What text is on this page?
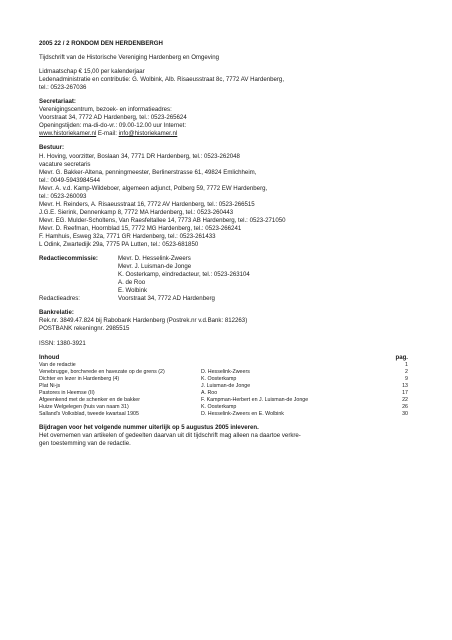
2005 22 / 2 RONDOM DEN HERDENBERGH
Tijdschrift van de Historische Vereniging Hardenberg en Omgeving
Lidmaatschap € 15,00 per kalenderjaar
Ledenadministratie en contributie: G. Wolbink, Alb. Risaeusstraat 8c, 7772 AV Hardenberg,
tel.: 0523-267036
Secretariaat:
Verenigingscentrum, bezoek- en informatieadres:
Voorstraat 34, 7772 AD Hardenberg, tel.: 0523-265624
Openingstijden: ma-di-do-vr.: 09.00-12.00 uur Internet:
www.historiekamer.nl E-mail: info@historiekamer.nl
Bestuur:
H. Hoving, voorzitter, Boslaan 34, 7771 DR Hardenberg, tel.: 0523-262048
vacature secretaris
Mevr. G. Bakker-Altena, penningmeester, Berlinerstrasse 61, 49824 Emlichheim,
tel.: 0049-5943984544
Mevr. A. v.d. Kamp-Wildeboer, algemeen adjunct, Polberg 59, 7772 EW Hardenberg,
tel.: 0523-260093
Mevr. H. Reinders, A. Risaeusstraat 16, 7772 AV Hardenberg, tel.: 0523-266515
J.G.E. Sierink, Dennenkamp 8, 7772 MA Hardenberg, tel.: 0523-260443
Mevr. EG. Mulder-Scholtens, Van Raesfeltallee 14, 7773 AB Hardenberg, tel.: 0523-271050
Mevr. D. Reefman, Hoornblad 15, 7772 MG Hardenberg, tel.: 0523-266241
F. Hamhuis, Esweg 32a, 7771 GR Hardenberg, tel.: 0523-261433
L Odink, Zwartedijk 29a, 7775 PA Lutten, tel.: 0523-681850
Redactiecommissie:	Mevr. D. Hesselink-Zweers
Mevr. J. Luisman-de Jonge
K. Oosterkamp, eindredacteur, tel.: 0523-263104
A. de Roo
E. Wolbink
Redactieadres:	Voorstraat 34, 7772 AD Hardenberg
Bankrelatie:
Rek.nr. 3849.47.824 bij Rabobank Hardenberg (Postrek.nr v.d.Bank: 812263)
POSTBANK rekeningnr. 2985515
ISSN: 1380-3921
Inhoud	pag.
Van de redactie	1
Venebrugge, borchvrede en havezate op de grens (2)	D. Hesselink-Zweers	2
Dichter en lezer in Hardenberg (4)	K. Oosterkamp	9
Plat Ni-js	J. Luisman-de Jonge	13
Pastores in Heemse (II)	A. Roo	17
Afgeenkend met de schenker en de bakker	F. Kampman-Herbert en J. Luisman-de Jonge	22
Huize Welgelegen (huis van naam 31)	K. Oosterkamp	26
Salland's Volksblad, tweede kwartaal 1905	D. Hesselink-Zweers en E. Wolbink	30
Bijdragen voor het volgende nummer uiterlijk op 5 augustus 2005 inleveren.
Het overnemen van artikelen of gedeelten daarvan uit dit tijdschrift mag alleen na daartoe verkre-
gen toestemming van de redactie.
